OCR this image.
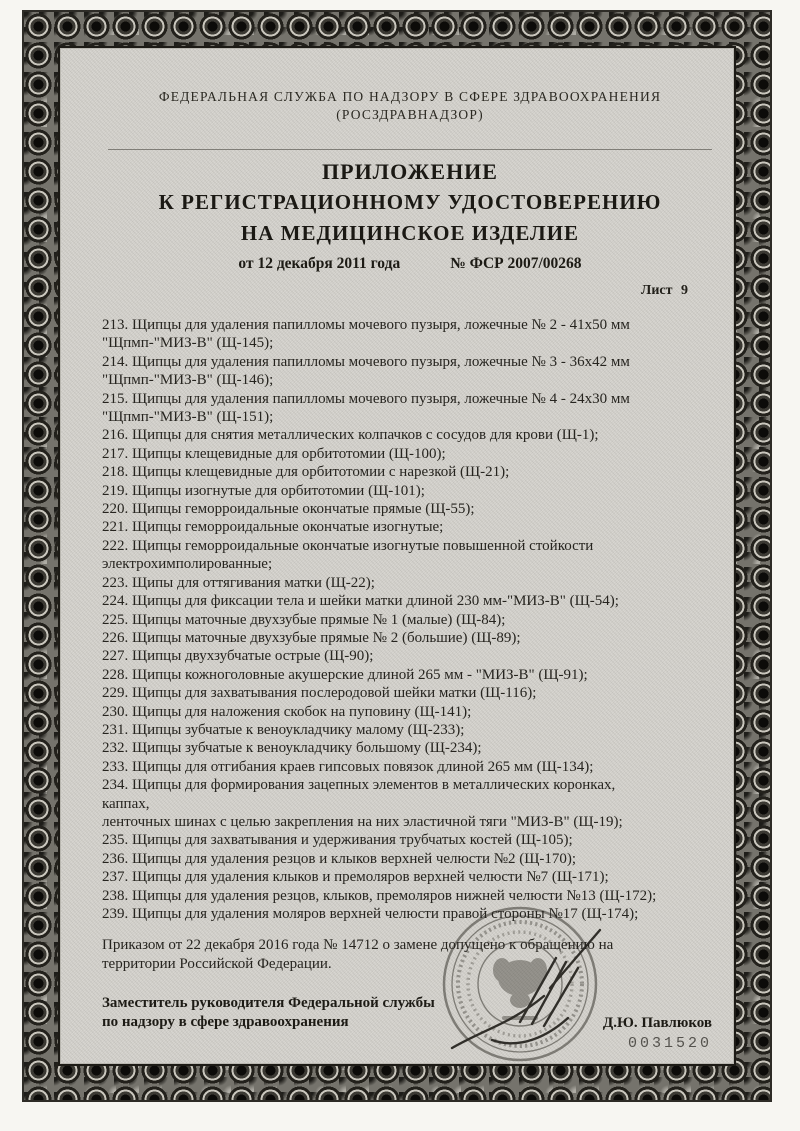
ФЕДЕРАЛЬНАЯ СЛУЖБА ПО НАДЗОРУ В СФЕРЕ ЗДРАВООХРАНЕНИЯ
(РОСЗДРАВНАДЗОР)
ПРИЛОЖЕНИЕ
К РЕГИСТРАЦИОННОМУ УДОСТОВЕРЕНИЮ
НА МЕДИЦИНСКОЕ ИЗДЕЛИЕ
от 12 декабря 2011 года	№ ФСР 2007/00268
Лист 9
213. Щипцы для удаления папилломы мочевого пузыря, ложечные № 2 - 41x50 мм
"Щпмп-"МИЗ-В" (Щ-145);
214. Щипцы для удаления папилломы мочевого пузыря, ложечные № 3 - 36x42 мм
"Щпмп-"МИЗ-В" (Щ-146);
215. Щипцы для удаления папилломы мочевого пузыря, ложечные № 4 - 24x30 мм
"Щпмп-"МИЗ-В" (Щ-151);
216. Щипцы для снятия металлических колпачков с сосудов для крови (Щ-1);
217. Щипцы клещевидные для орбитотомии (Щ-100);
218. Щипцы клещевидные для орбитотомии с нарезкой (Щ-21);
219. Щипцы изогнутые для орбитотомии (Щ-101);
220. Щипцы геморроидальные окончатые прямые (Щ-55);
221. Щипцы геморроидальные окончатые изогнутые;
222. Щипцы геморроидальные окончатые изогнутые повышенной стойкости
электрохимполированные;
223. Щипы для оттягивания матки (Щ-22);
224. Щипцы для фиксации тела и шейки матки длиной 230 мм-"МИЗ-В" (Щ-54);
225. Щипцы маточные двухзубые прямые № 1 (малые) (Щ-84);
226. Щипцы маточные двухзубые прямые № 2 (большие) (Щ-89);
227. Щипцы двухзубчатые острые (Щ-90);
228. Щипцы кожноголовные акушерские длиной 265 мм - "МИЗ-В" (Щ-91);
229. Щипцы для захватывания послеродовой шейки матки (Щ-116);
230. Щипцы для наложения скобок на пуповину (Щ-141);
231. Щипцы зубчатые к веноукладчику малому (Щ-233);
232. Щипцы зубчатые к веноукладчику большому (Щ-234);
233. Щипцы для отгибания краев гипсовых повязок длиной 265 мм (Щ-134);
234. Щипцы для формирования зацепных элементов в металлических коронках,
каппах,
ленточных шинах с целью закрепления на них эластичной тяги "МИЗ-В" (Щ-19);
235. Щипцы для захватывания и удерживания трубчатых костей (Щ-105);
236. Щипцы для удаления резцов и клыков верхней челюсти №2 (Щ-170);
237. Щипцы для удаления клыков и премоляров верхней челюсти №7 (Щ-171);
238. Щипцы для удаления резцов, клыков, премоляров нижней челюсти №13 (Щ-172);
239. Щипцы для удаления моляров верхней челюсти правой стороны №17 (Щ-174);
Приказом от 22 декабря 2016 года № 14712 о замене допущено к обращению на
территории Российской Федерации.
Заместитель руководителя Федеральной службы
по надзору в сфере здравоохранения	Д.Ю. Павлюков
0031520
